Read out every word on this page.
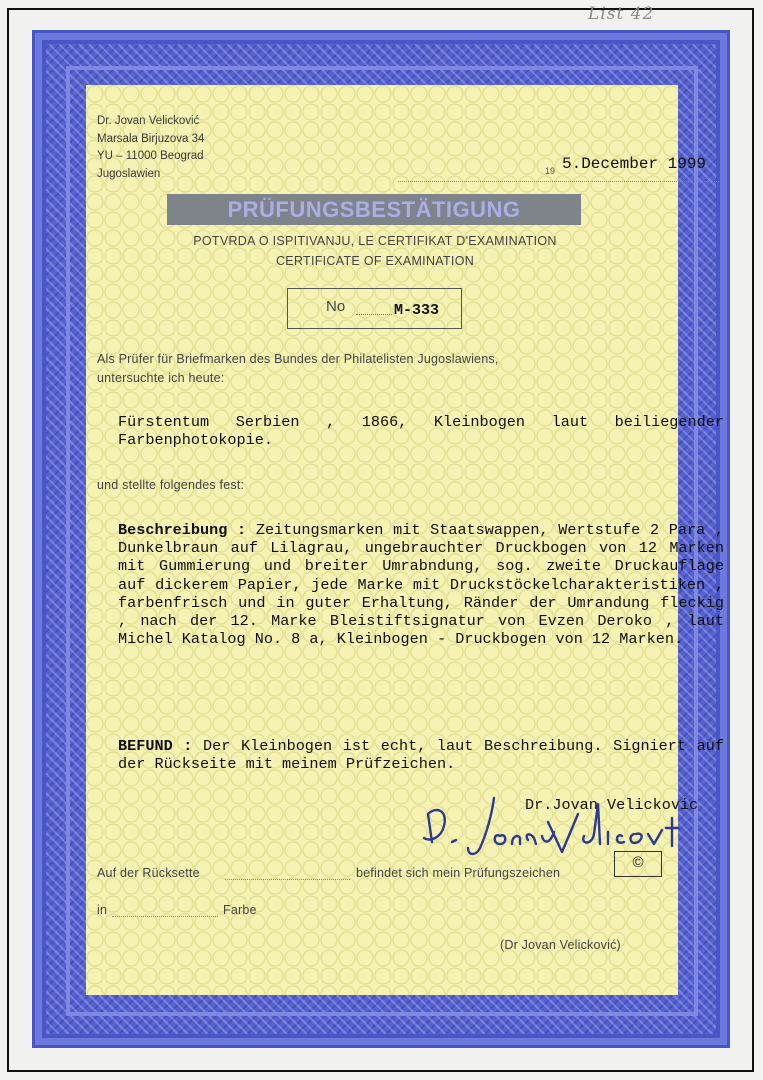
List 42
Dr. Jovan Velicković
Marsala Birjuzova 34
YU – 11000 Beograd
Jugoslawien	19 5.December 1999
PRÜFUNGSBESTÄTIGUNG
POTVRDA O ISPITIVANJU, LE CERTIFIKAT D'EXAMINATION
CERTIFICATE OF EXAMINATION
No	M-333
Als Prüfer für Briefmarken des Bundes der Philatelisten Jugoslawiens,
untersuchte ich heute:
Fürstentum Serbien , 1866, Kleinbogen laut beiliegender Farbenphotokopie.
und stellte folgendes fest:
Beschreibung : Zeitungsmarken mit Staatswappen, Wertstufe 2 Para , Dunkelbraun auf Lilagrau, ungebrauchter Druckbogen von 12 Marken mit Gummierung und breiter Umrabndung, sog. zweite Druckauflage auf dickerem Papier, jede Marke mit Druckstöckelcharakteristiken , farbenfrisch und in guter Erhaltung, Ränder der Umrandung fleckig , nach der 12. Marke Bleistiftsignatur von Evzen Deroko , laut Michel Katalog No. 8 a, Kleinbogen - Druckbogen von 12 Marken.
BEFUND : Der Kleinbogen ist echt, laut Beschreibung. Signiert auf der Rückseite mit meinem Prüfzeichen.
Dr.Jovan Velickovic
Auf der Rücksette	befindet sich mein Prüfungszeichen
©
in	Farbe
(Dr Jovan Velicković)
